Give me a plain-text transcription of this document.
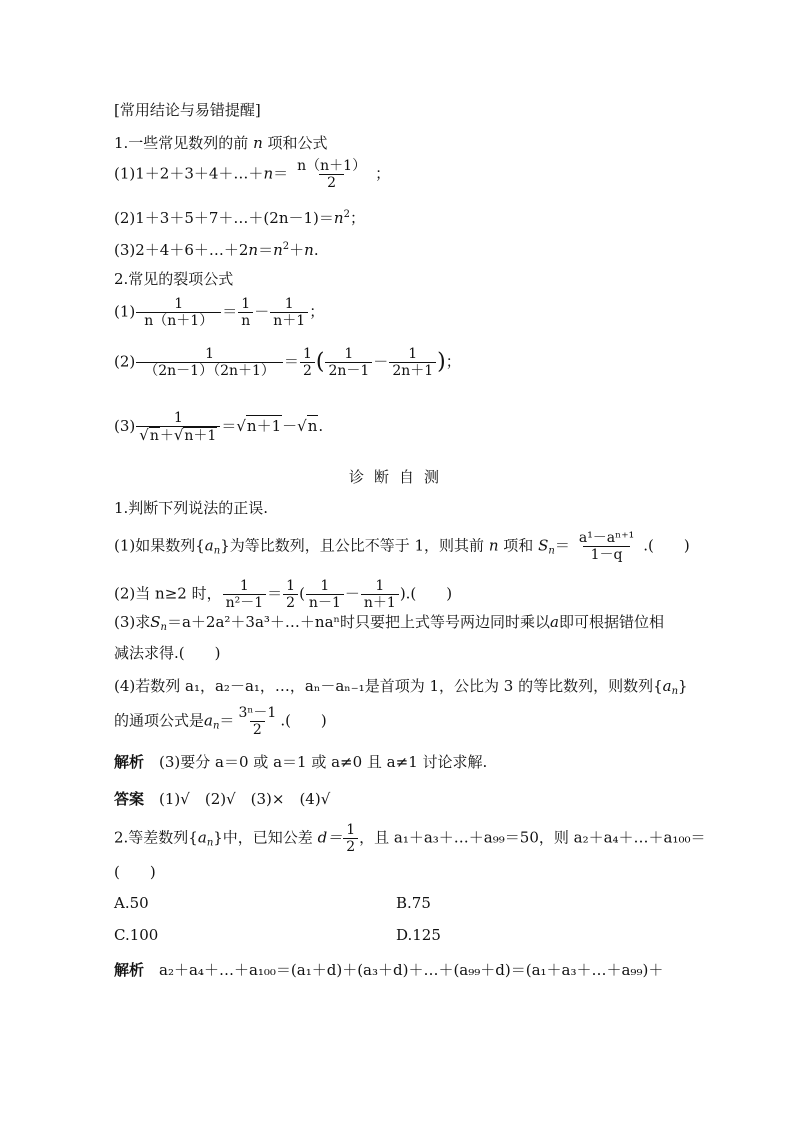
[常用结论与易错提醒]
1.一些常见数列的前 n 项和公式
(1)1＋2＋3＋4＋…＋n＝ $\frac{n(n+1)}{2}$ ；
$(2)1+3+5+7+\dots+(2n-1)=n^2$；
$(3)2+4+6+\dots+2n=n^2+n$.
2.常见的裂项公式
$(1) \frac{1}{n(n+1)} = \frac{1}{n} - \frac{1}{n+1}$ ；
$(2) \frac{1}{(2n-1)(2n+1)} = \frac{1}{2}$ ( $\frac{1}{2n-1} - \frac{1}{2n+1}$ )；
$(3) \frac{1}{√n+√n+1} =√n+1-√n$.
诊断自测
1.判断下列说法的正误.
(1)如果数列$\{a_n\}$为等比数列，且公比不等于 1，则其前 n 项和 $S_n= \frac{\text{a¹－aⁿ⁺¹}}{1-q}$ .(　　)
(2)当 n≥2 时， $\frac{1}{\text{n²－1}} = \frac{1}{2}$ ( $\frac{1}{n-1} - \frac{1}{n+1}$ ).(　　)
(3)求$S_n=a+2a^2+3a^3+\dots+na^n$时只要把上式等号两边同时乘以a即可根据错位相
减法求得.(　　)
(4)若数列 a₁，a₂－a₁，…，aₙ－aₙ₋₁是首项为 1，公比为 3 的等比数列，则数列$\{a_n\}$
的通项公式是$a_n= \frac{\text{3ⁿ－1}}{2}$ .(　　)
解析　 (3)要分 a＝0 或 a＝1 或 a≠0 且 a≠1 讨论求解.
答案　 (1)√　(2)√　(3)×　(4)√
2.等差数列$\{a_n\}$中，已知公差 $d= \frac{1}{2}$ ，且 a₁＋a₃＋…＋a₉₉＝50，则 a₂＋a₄＋…＋a₁₀₀＝
(　　)
A.50	B.75
C.100	D.125
解析　 a₂＋a₄＋…＋a₁₀₀＝(a₁＋d)＋(a₃＋d)＋…＋(a₉₉＋d)＝(a₁＋a₃＋…＋a₉₉)＋
